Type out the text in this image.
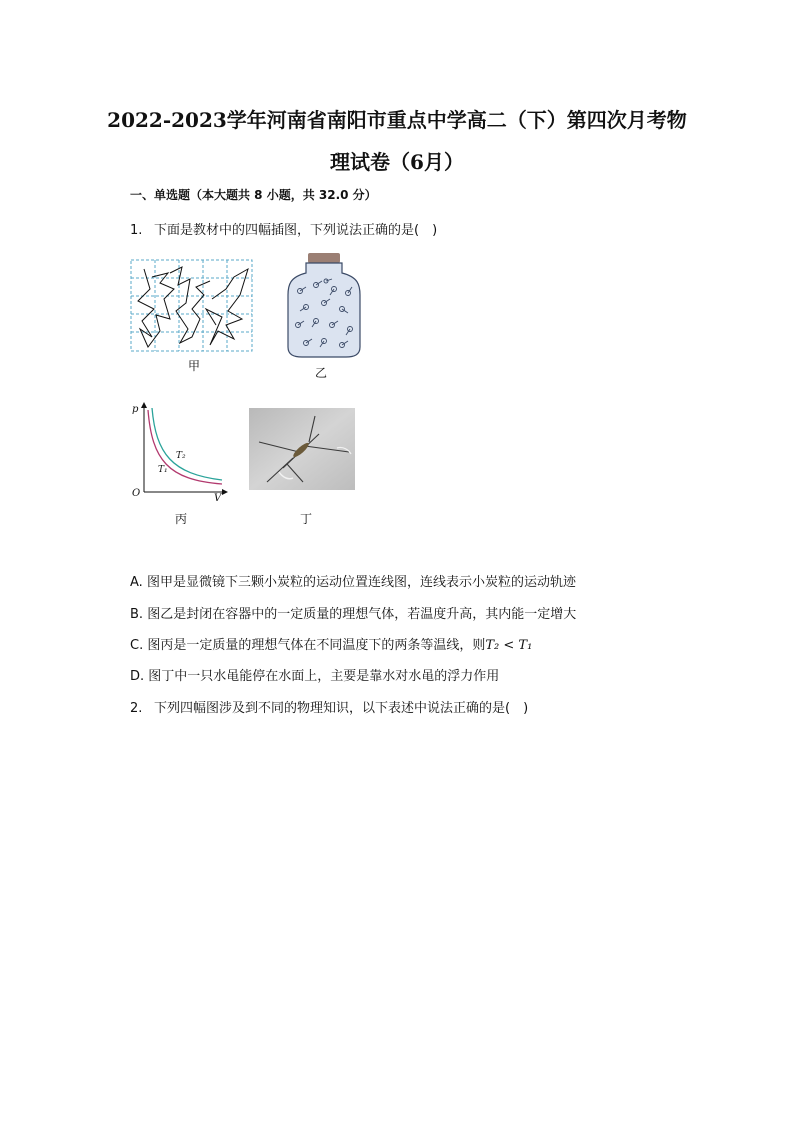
2022-2023学年河南省南阳市重点中学高二（下）第四次月考物
理试卷（6月）
一、单选题（本大题共 8 小题，共 32.0 分）
1. 下面是教材中的四幅插图，下列说法正确的是(　)
甲	乙
p
V
O
T₂
T₁
丙	丁
A. 图甲是显微镜下三颗小炭粒的运动位置连线图，连线表示小炭粒的运动轨迹
B. 图乙是封闭在容器中的一定质量的理想气体，若温度升高，其内能一定增大
C. 图丙是一定质量的理想气体在不同温度下的两条等温线，则T₂ < T₁
D. 图丁中一只水黾能停在水面上，主要是靠水对水黾的浮力作用
2. 下列四幅图涉及到不同的物理知识，以下表述中说法正确的是(　)
